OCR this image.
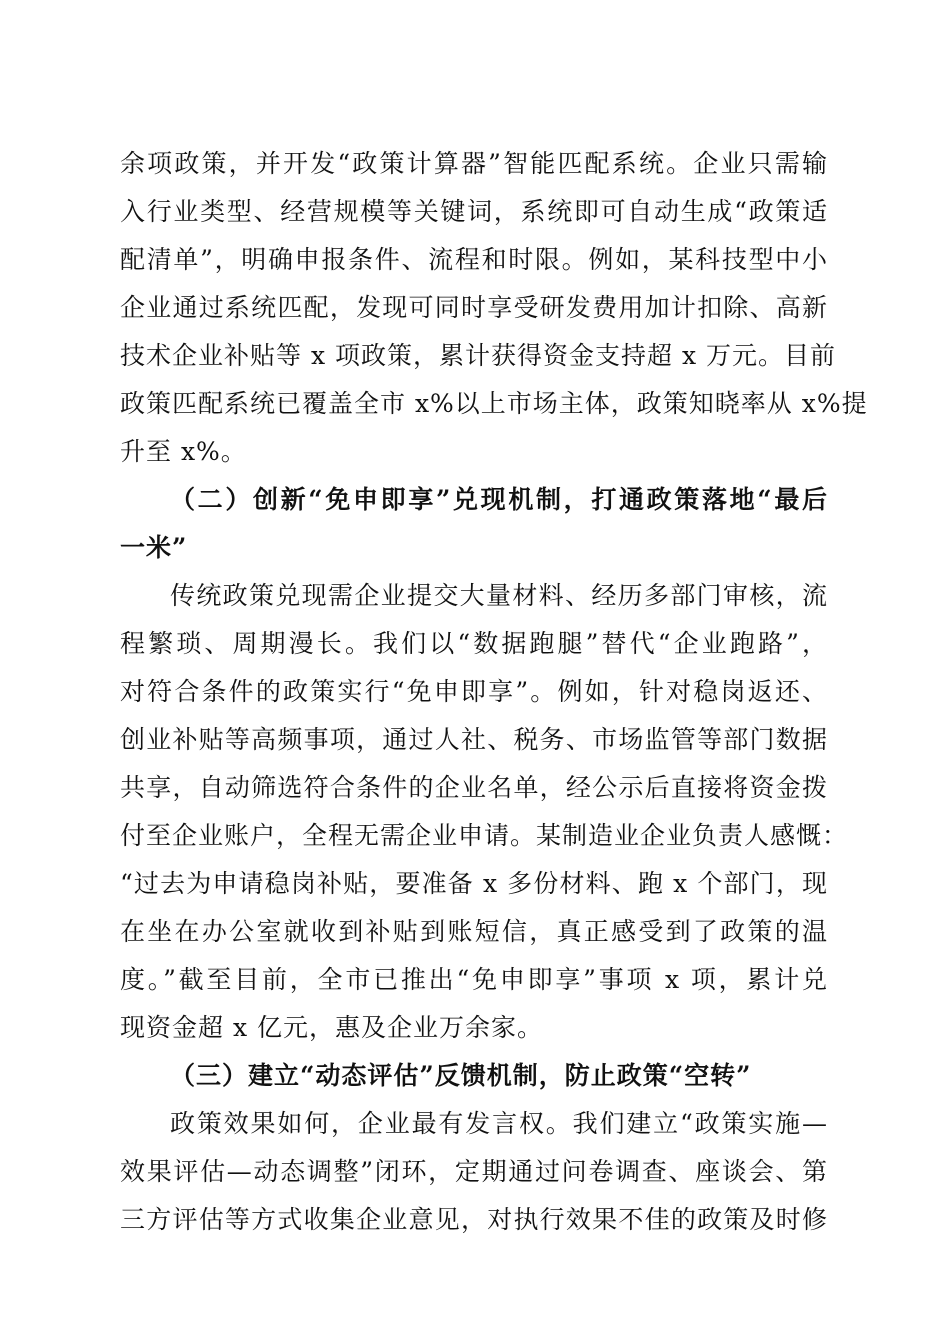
余项政策，并开发“政策计算器”智能匹配系统。企业只需输
入行业类型、经营规模等关键词，系统即可自动生成“政策适
配清单”，明确申报条件、流程和时限。例如，某科技型中小
企业通过系统匹配，发现可同时享受研发费用加计扣除、高新
技术企业补贴等 x 项政策，累计获得资金支持超 x 万元。目前
政策匹配系统已覆盖全市 x%以上市场主体，政策知晓率从 x%提
升至 x%。
（二）创新“免申即享”兑现机制，打通政策落地“最后
一米”
传统政策兑现需企业提交大量材料、经历多部门审核，流
程繁琐、周期漫长。我们以“数据跑腿”替代“企业跑路”，
对符合条件的政策实行“免申即享”。例如，针对稳岗返还、
创业补贴等高频事项，通过人社、税务、市场监管等部门数据
共享，自动筛选符合条件的企业名单，经公示后直接将资金拨
付至企业账户，全程无需企业申请。某制造业企业负责人感慨：
“过去为申请稳岗补贴，要准备 x 多份材料、跑 x 个部门，现
在坐在办公室就收到补贴到账短信，真正感受到了政策的温
度。”截至目前，全市已推出“免申即享”事项 x 项，累计兑
现资金超 x 亿元，惠及企业万余家。
（三）建立“动态评估”反馈机制，防止政策“空转”
政策效果如何，企业最有发言权。我们建立“政策实施—
效果评估—动态调整”闭环，定期通过问卷调查、座谈会、第
三方评估等方式收集企业意见，对执行效果不佳的政策及时修
